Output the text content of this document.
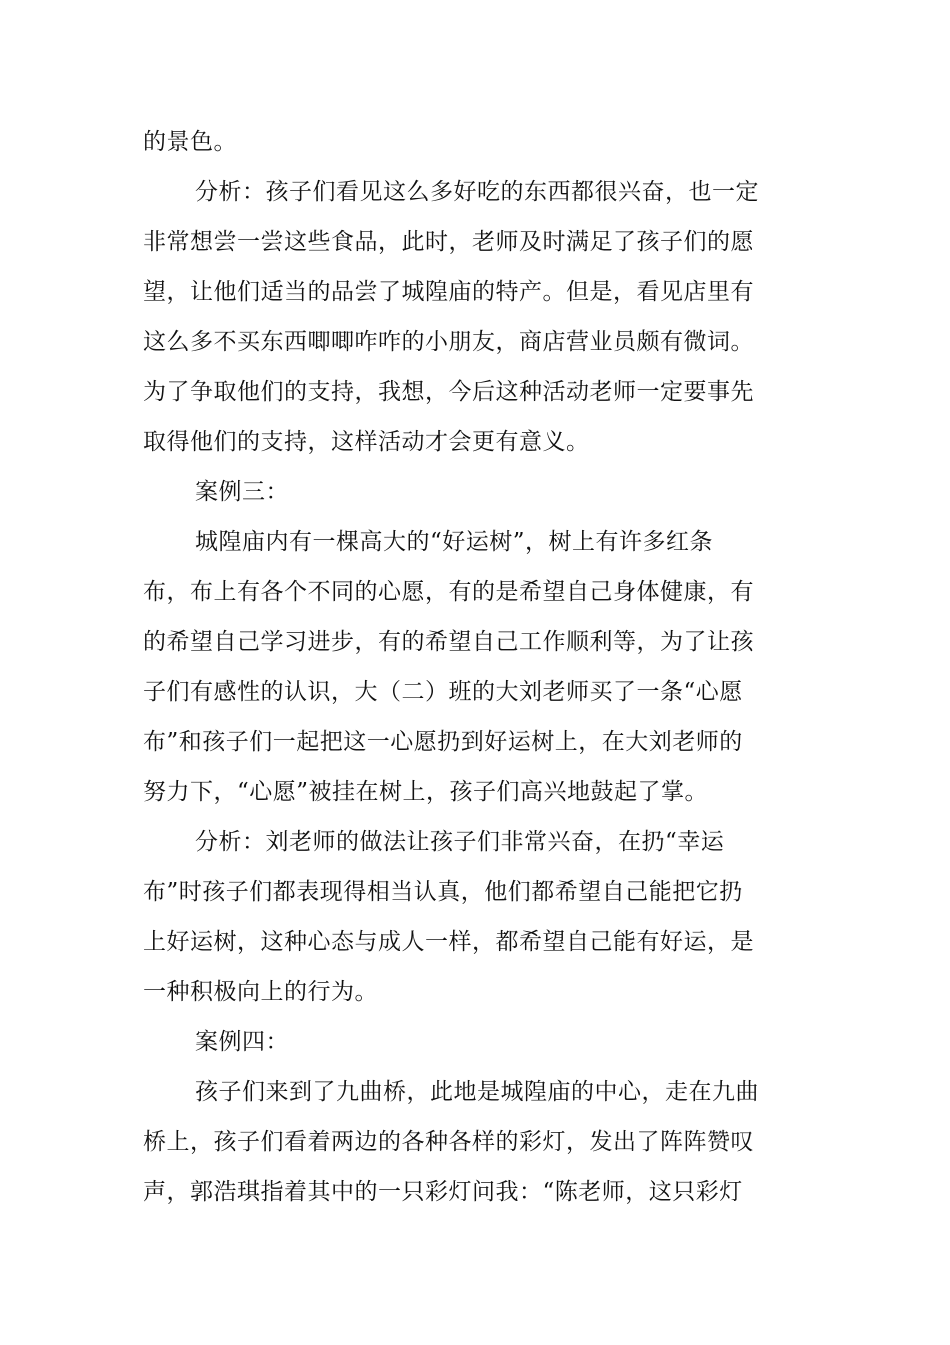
的景色。
分析：孩子们看见这么多好吃的东西都很兴奋，也一定
非常想尝一尝这些食品，此时，老师及时满足了孩子们的愿
望，让他们适当的品尝了城隍庙的特产。但是，看见店里有
这么多不买东西唧唧咋咋的小朋友，商店营业员颇有微词。
为了争取他们的支持，我想，今后这种活动老师一定要事先
取得他们的支持，这样活动才会更有意义。
案例三：
城隍庙内有一棵高大的“好运树”，树上有许多红条
布，布上有各个不同的心愿，有的是希望自己身体健康，有
的希望自己学习进步，有的希望自己工作顺利等，为了让孩
子们有感性的认识，大（二）班的大刘老师买了一条“心愿
布”和孩子们一起把这一心愿扔到好运树上，在大刘老师的
努力下，“心愿”被挂在树上，孩子们高兴地鼓起了掌。
分析：刘老师的做法让孩子们非常兴奋，在扔“幸运
布”时孩子们都表现得相当认真，他们都希望自己能把它扔
上好运树，这种心态与成人一样，都希望自己能有好运，是
一种积极向上的行为。
案例四：
孩子们来到了九曲桥，此地是城隍庙的中心，走在九曲
桥上，孩子们看着两边的各种各样的彩灯，发出了阵阵赞叹
声，郭浩琪指着其中的一只彩灯问我：“陈老师，这只彩灯
